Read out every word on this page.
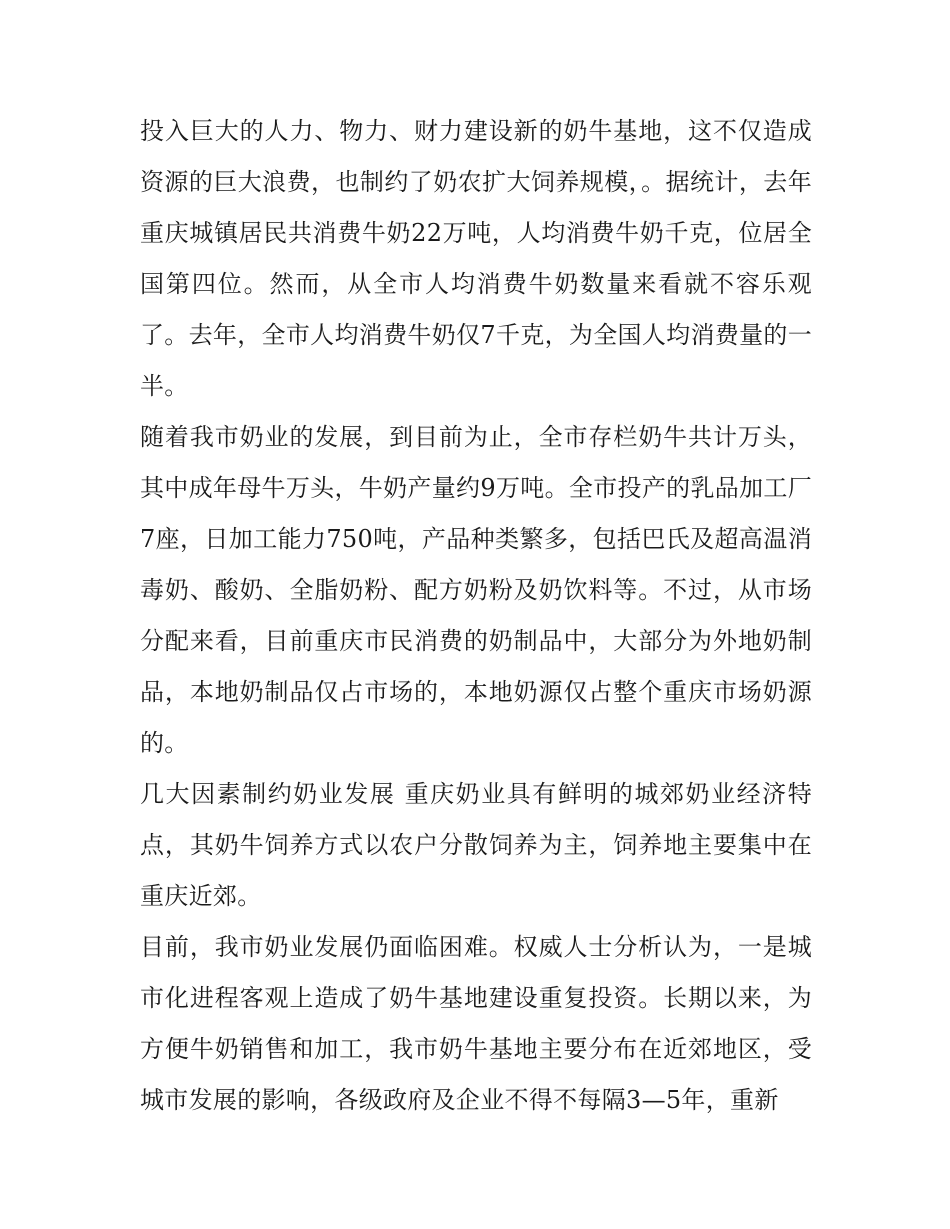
投入巨大的人力、物力、财力建设新的奶牛基地，这不仅造成资源的巨大浪费，也制约了奶农扩大饲养规模，。据统计，去年重庆城镇居民共消费牛奶22万吨，人均消费牛奶千克，位居全国第四位。然而，从全市人均消费牛奶数量来看就不容乐观了。去年，全市人均消费牛奶仅7千克，为全国人均消费量的一半。

随着我市奶业的发展，到目前为止，全市存栏奶牛共计万头，其中成年母牛万头，牛奶产量约9万吨。全市投产的乳品加工厂7座，日加工能力750吨，产品种类繁多，包括巴氏及超高温消毒奶、酸奶、全脂奶粉、配方奶粉及奶饮料等。不过，从市场分配来看，目前重庆市民消费的奶制品中，大部分为外地奶制品，本地奶制品仅占市场的，本地奶源仅占整个重庆市场奶源的。

几大因素制约奶业发展 重庆奶业具有鲜明的城郊奶业经济特点，其奶牛饲养方式以农户分散饲养为主，饲养地主要集中在重庆近郊。

目前，我市奶业发展仍面临困难。权威人士分析认为，一是城市化进程客观上造成了奶牛基地建设重复投资。长期以来，为方便牛奶销售和加工，我市奶牛基地主要分布在近郊地区，受城市发展的影响，各级政府及企业不得不每隔3—5年，重新
